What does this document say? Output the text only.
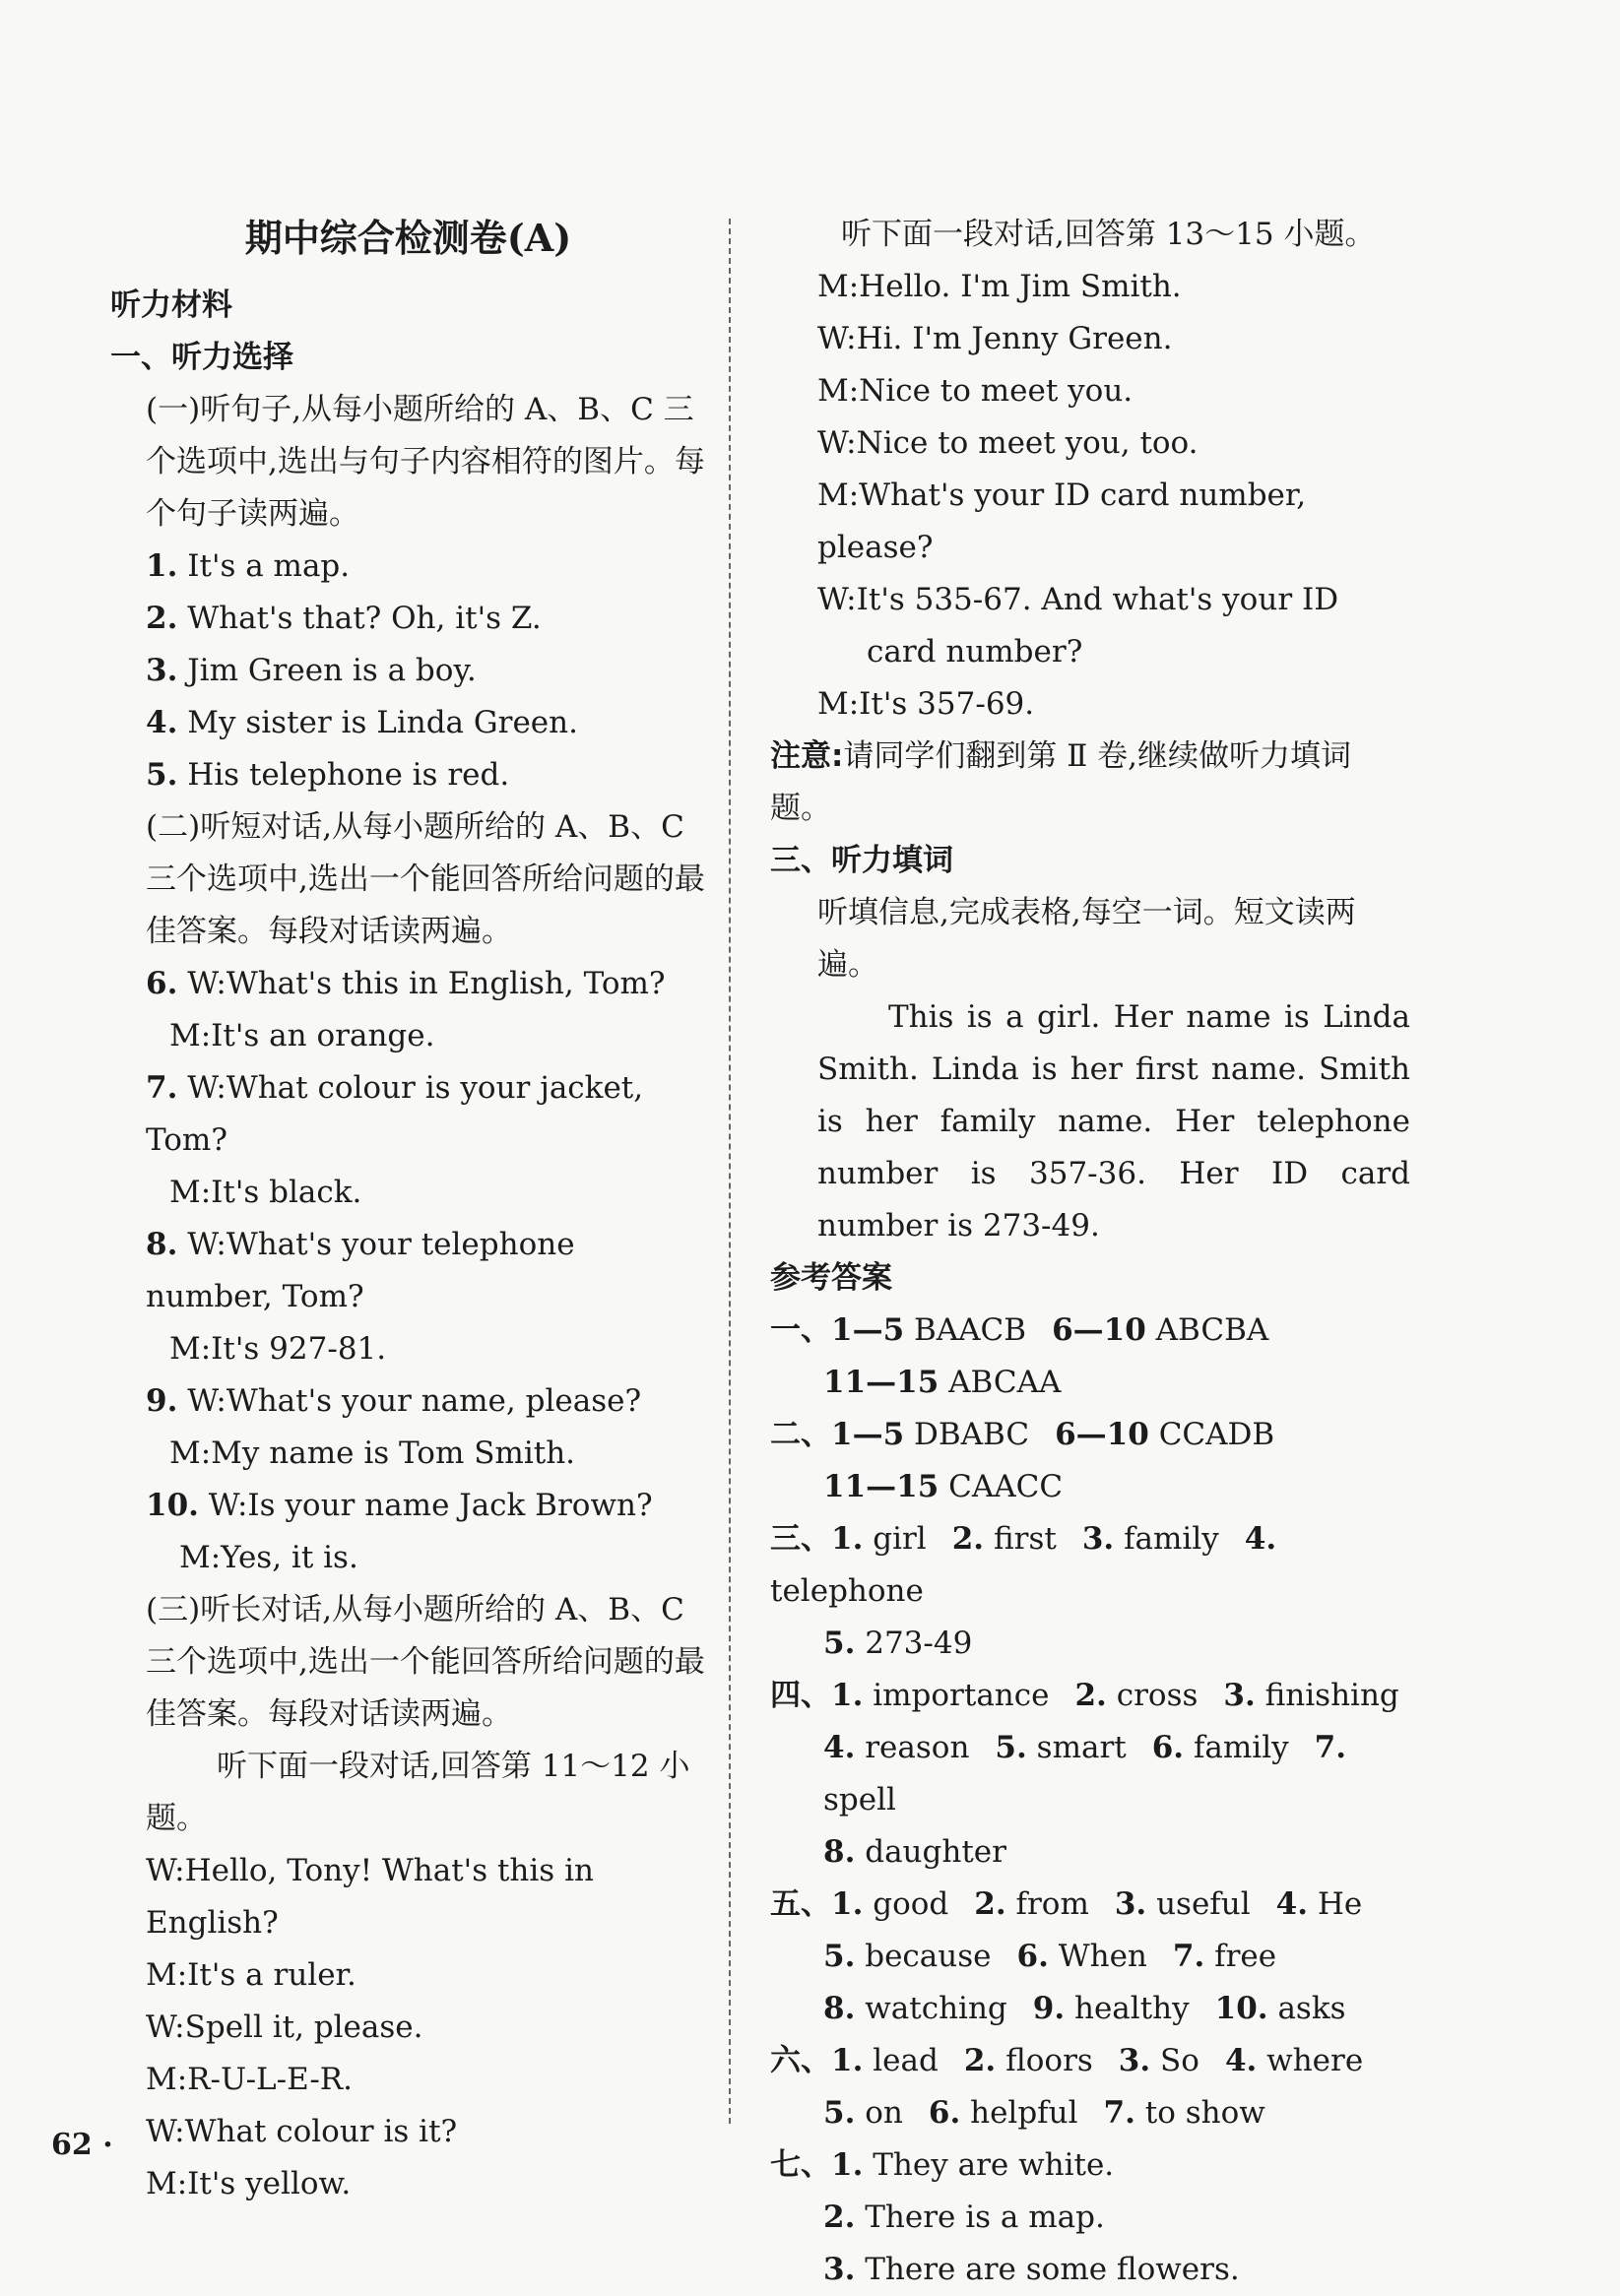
期中综合检测卷(A)
听力材料
一、听力选择
(一)听句子,从每小题所给的 A、B、C 三个选项中,选出与句子内容相符的图片。每个句子读两遍。
1. It's a map.
2. What's that? Oh, it's Z.
3. Jim Green is a boy.
4. My sister is Linda Green.
5. His telephone is red.
(二)听短对话,从每小题所给的 A、B、C 三个选项中,选出一个能回答所给问题的最佳答案。每段对话读两遍。
6. W:What's this in English, Tom?
M:It's an orange.
7. W:What colour is your jacket, Tom?
M:It's black.
8. W:What's your telephone number, Tom?
M:It's 927-81.
9. W:What's your name, please?
M:My name is Tom Smith.
10. W:Is your name Jack Brown?
M:Yes, it is.
(三)听长对话,从每小题所给的 A、B、C 三个选项中,选出一个能回答所给问题的最佳答案。每段对话读两遍。
听下面一段对话,回答第 11～12 小题。
W:Hello, Tony! What's this in English?
M:It's a ruler.
W:Spell it, please.
M:R-U-L-E-R.
W:What colour is it?
M:It's yellow.
听下面一段对话,回答第 13～15 小题。
M:Hello. I'm Jim Smith.
W:Hi. I'm Jenny Green.
M:Nice to meet you.
W:Nice to meet you, too.
M:What's your ID card number, please?
W:It's 535-67. And what's your ID card number?
M:It's 357-69.
注意:请同学们翻到第 Ⅱ 卷,继续做听力填词题。
三、听力填词
听填信息,完成表格,每空一词。短文读两遍。
This is a girl. Her name is Linda Smith. Linda is her first name. Smith is her family name. Her telephone number is 357-36. Her ID card number is 273-49.
参考答案
一、1—5 BAACB 6—10 ABCBA
11—15 ABCAA
二、1—5 DBABC 6—10 CCADB
11—15 CAACC
三、1. girl 2. first 3. family 4. telephone
5. 273-49
四、1. importance 2. cross 3. finishing
4. reason 5. smart 6. family 7. spell
8. daughter
五、1. good 2. from 3. useful 4. He
5. because 6. When 7. free
8. watching 9. healthy 10. asks
六、1. lead 2. floors 3. So 4. where
5. on 6. helpful 7. to show
七、1. They are white.
2. There is a map.
3. There are some flowers.
62 ·
